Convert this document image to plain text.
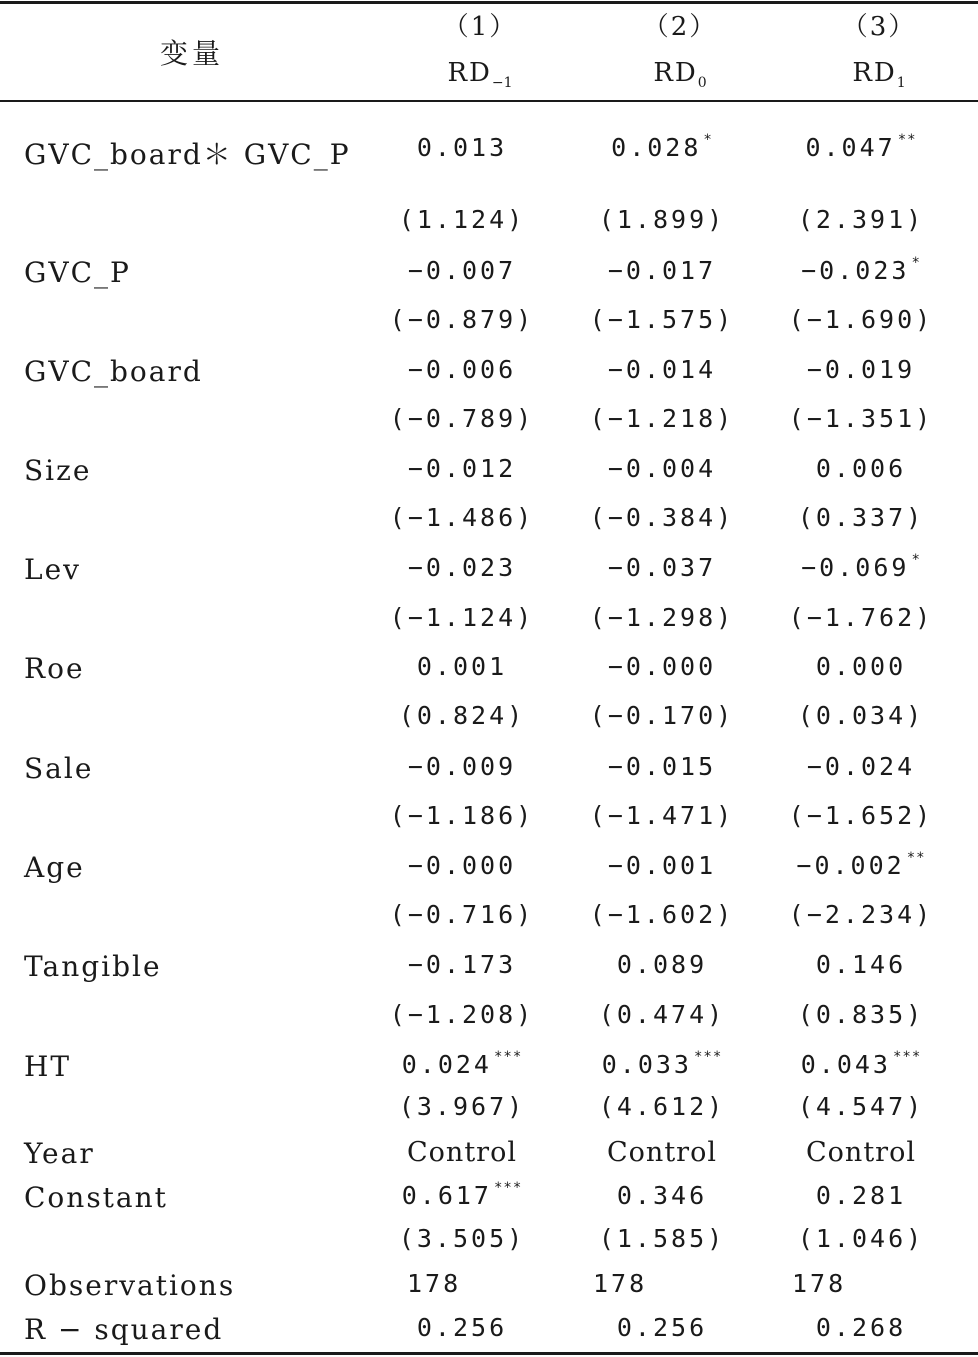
变量
（1）	（2）	（3）
$RD_{-1}$	$RD_0$	$RD_1$
GVC_board＊ GVC_P	0.013	0.028 *	0.047 **
(1.124)	(1.899)	(2.391)
GVC_P	−0.007	−0.017	−0.023 *
(−0.879)	(−1.575)	(−1.690)
GVC_board	−0.006	−0.014	−0.019
(−0.789)	(−1.218)	(−1.351)
Size	−0.012	−0.004	0.006
(−1.486)	(−0.384)	(0.337)
Lev	−0.023	−0.037	−0.069 *
(−1.124)	(−1.298)	(−1.762)
Roe	0.001	−0.000	0.000
(0.824)	(−0.170)	(0.034)
Sale	−0.009	−0.015	−0.024
(−1.186)	(−1.471)	(−1.652)
Age	−0.000	−0.001	−0.002 **
(−0.716)	(−1.602)	(−2.234)
Tangible	−0.173	0.089	0.146
(−1.208)	(0.474)	(0.835)
HT	0.024 ***	0.033 ***	0.043 ***
(3.967)	(4.612)	(4.547)
Year	Control	Control	Control
Constant	0.617 ***	0.346	0.281
(3.505)	(1.585)	(1.046)
Observations	178	178	178
R − squared	0.256	0.256	0.268
